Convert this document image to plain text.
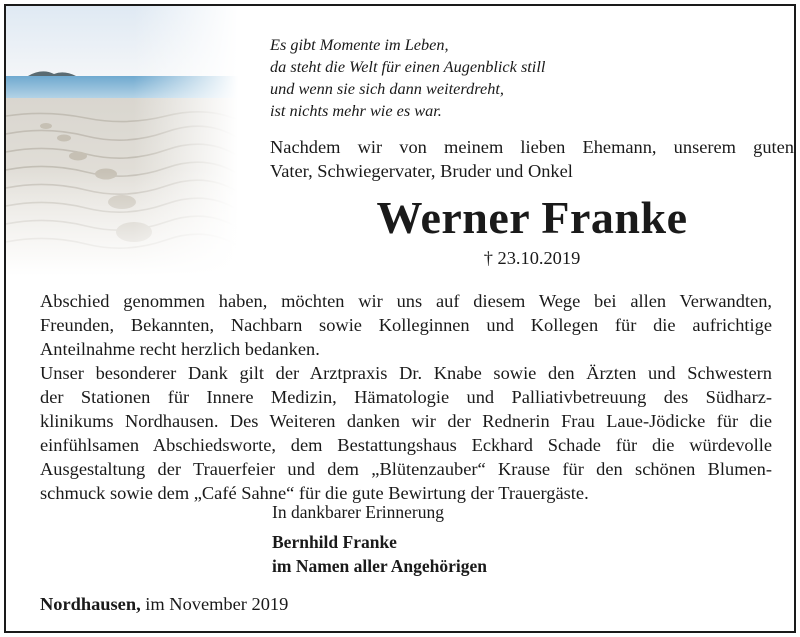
Es gibt Momente im Leben,
da steht die Welt für einen Augenblick still
und wenn sie sich dann weiterdreht,
ist nichts mehr wie es war.
Nachdem wir von meinem lieben Ehemann, unserem guten
Vater, Schwiegervater, Bruder und Onkel
Werner Franke
† 23.10.2019
Abschied genommen haben, möchten wir uns auf diesem Wege bei allen Verwandten,
Freunden, Bekannten, Nachbarn sowie Kolleginnen und Kollegen für die aufrichtige
Anteilnahme recht herzlich bedanken.
Unser besonderer Dank gilt der Arztpraxis Dr. Knabe sowie den Ärzten und Schwestern
der Stationen für Innere Medizin, Hämatologie und Palliativbetreuung des Südharz-
klinikums Nordhausen. Des Weiteren danken wir der Rednerin Frau Laue-Jödicke für die
einfühlsamen Abschiedsworte, dem Bestattungshaus Eckhard Schade für die würdevolle
Ausgestaltung der Trauerfeier und dem „Blütenzauber“ Krause für den schönen Blumen-
schmuck sowie dem „Café Sahne“ für die gute Bewirtung der Trauergäste.
In dankbarer Erinnerung
Bernhild Franke
im Namen aller Angehörigen
Nordhausen, im November 2019
